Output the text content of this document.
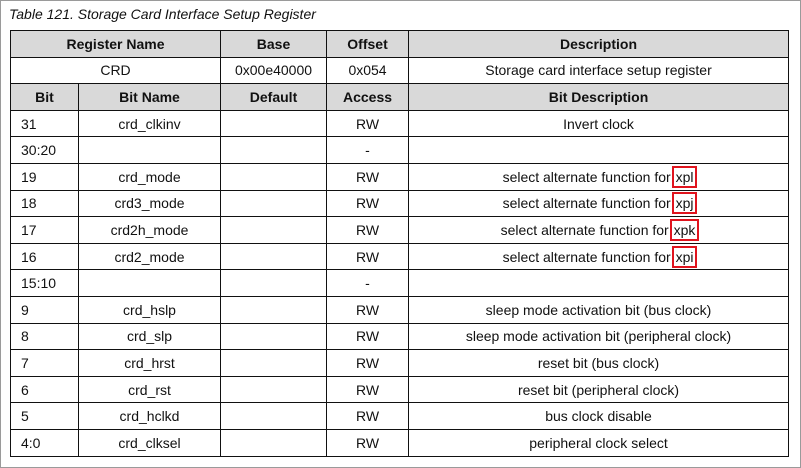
Table 121. Storage Card Interface Setup Register
Register Name		Base	Offset	Description
CRD		0x00e40000	0x054	Storage card interface setup register
Bit	Bit Name	Default	Access	Bit Description
31	crd_clkinv		RW	Invert clock
30:20			-	
19	crd_mode		RW	select alternate function for xpl
18	crd3_mode		RW	select alternate function for xpj
17	crd2h_mode		RW	select alternate function for xpk
16	crd2_mode		RW	select alternate function for xpi
15:10			-	
9	crd_hslp		RW	sleep mode activation bit (bus clock)
8	crd_slp		RW	sleep mode activation bit (peripheral clock)
7	crd_hrst		RW	reset bit (bus clock)
6	crd_rst		RW	reset bit (peripheral clock)
5	crd_hclkd		RW	bus clock disable
4:0	crd_clksel		RW	peripheral clock select
